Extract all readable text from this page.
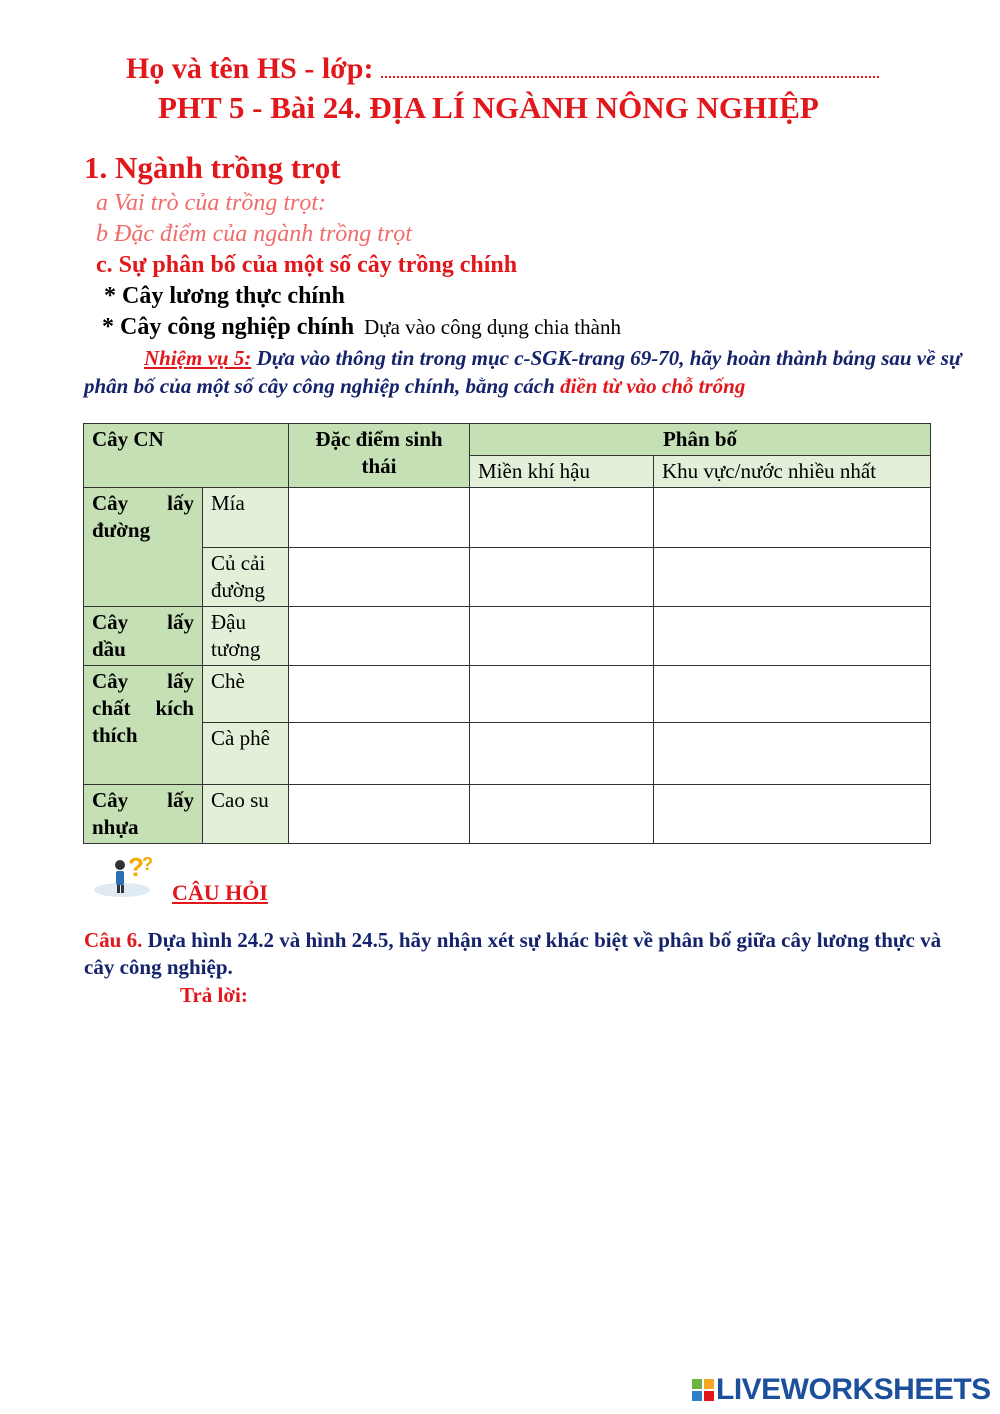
Họ và tên HS - lớp:
PHT 5 - Bài 24. ĐỊA LÍ NGÀNH NÔNG NGHIỆP
1. Ngành trồng trọt
a Vai trò của trồng trọt:
b Đặc điểm của ngành trồng trọt
c. Sự phân bố của một số cây trồng chính
* Cây lương thực chính
* Cây công nghiệp chính Dựa vào công dụng chia thành
Nhiệm vụ 5: Dựa vào thông tin trong mục c-SGK-trang 69-70, hãy hoàn thành bảng sau về sự phân bố của một số cây công nghiệp chính, bằng cách điền từ vào chỗ trống
Cây CN		Đặc điểm sinh thái	Phân bố	
			Miền khí hậu	Khu vực/nước nhiều nhất
Cây lấy đường	Mía			
	Củ cải đường			
Cây lấy dầu	Đậu tương			
Cây lấy chất kích thích	Chè			
	Cà phê			
Cây lấy nhựa	Cao su			
?
?
CÂU HỎI
Câu 6. Dựa hình 24.2 và hình 24.5, hãy nhận xét sự khác biệt về phân bố giữa cây lương thực và cây công nghiệp.
Trả lời:
LIVEWORKSHEETS
